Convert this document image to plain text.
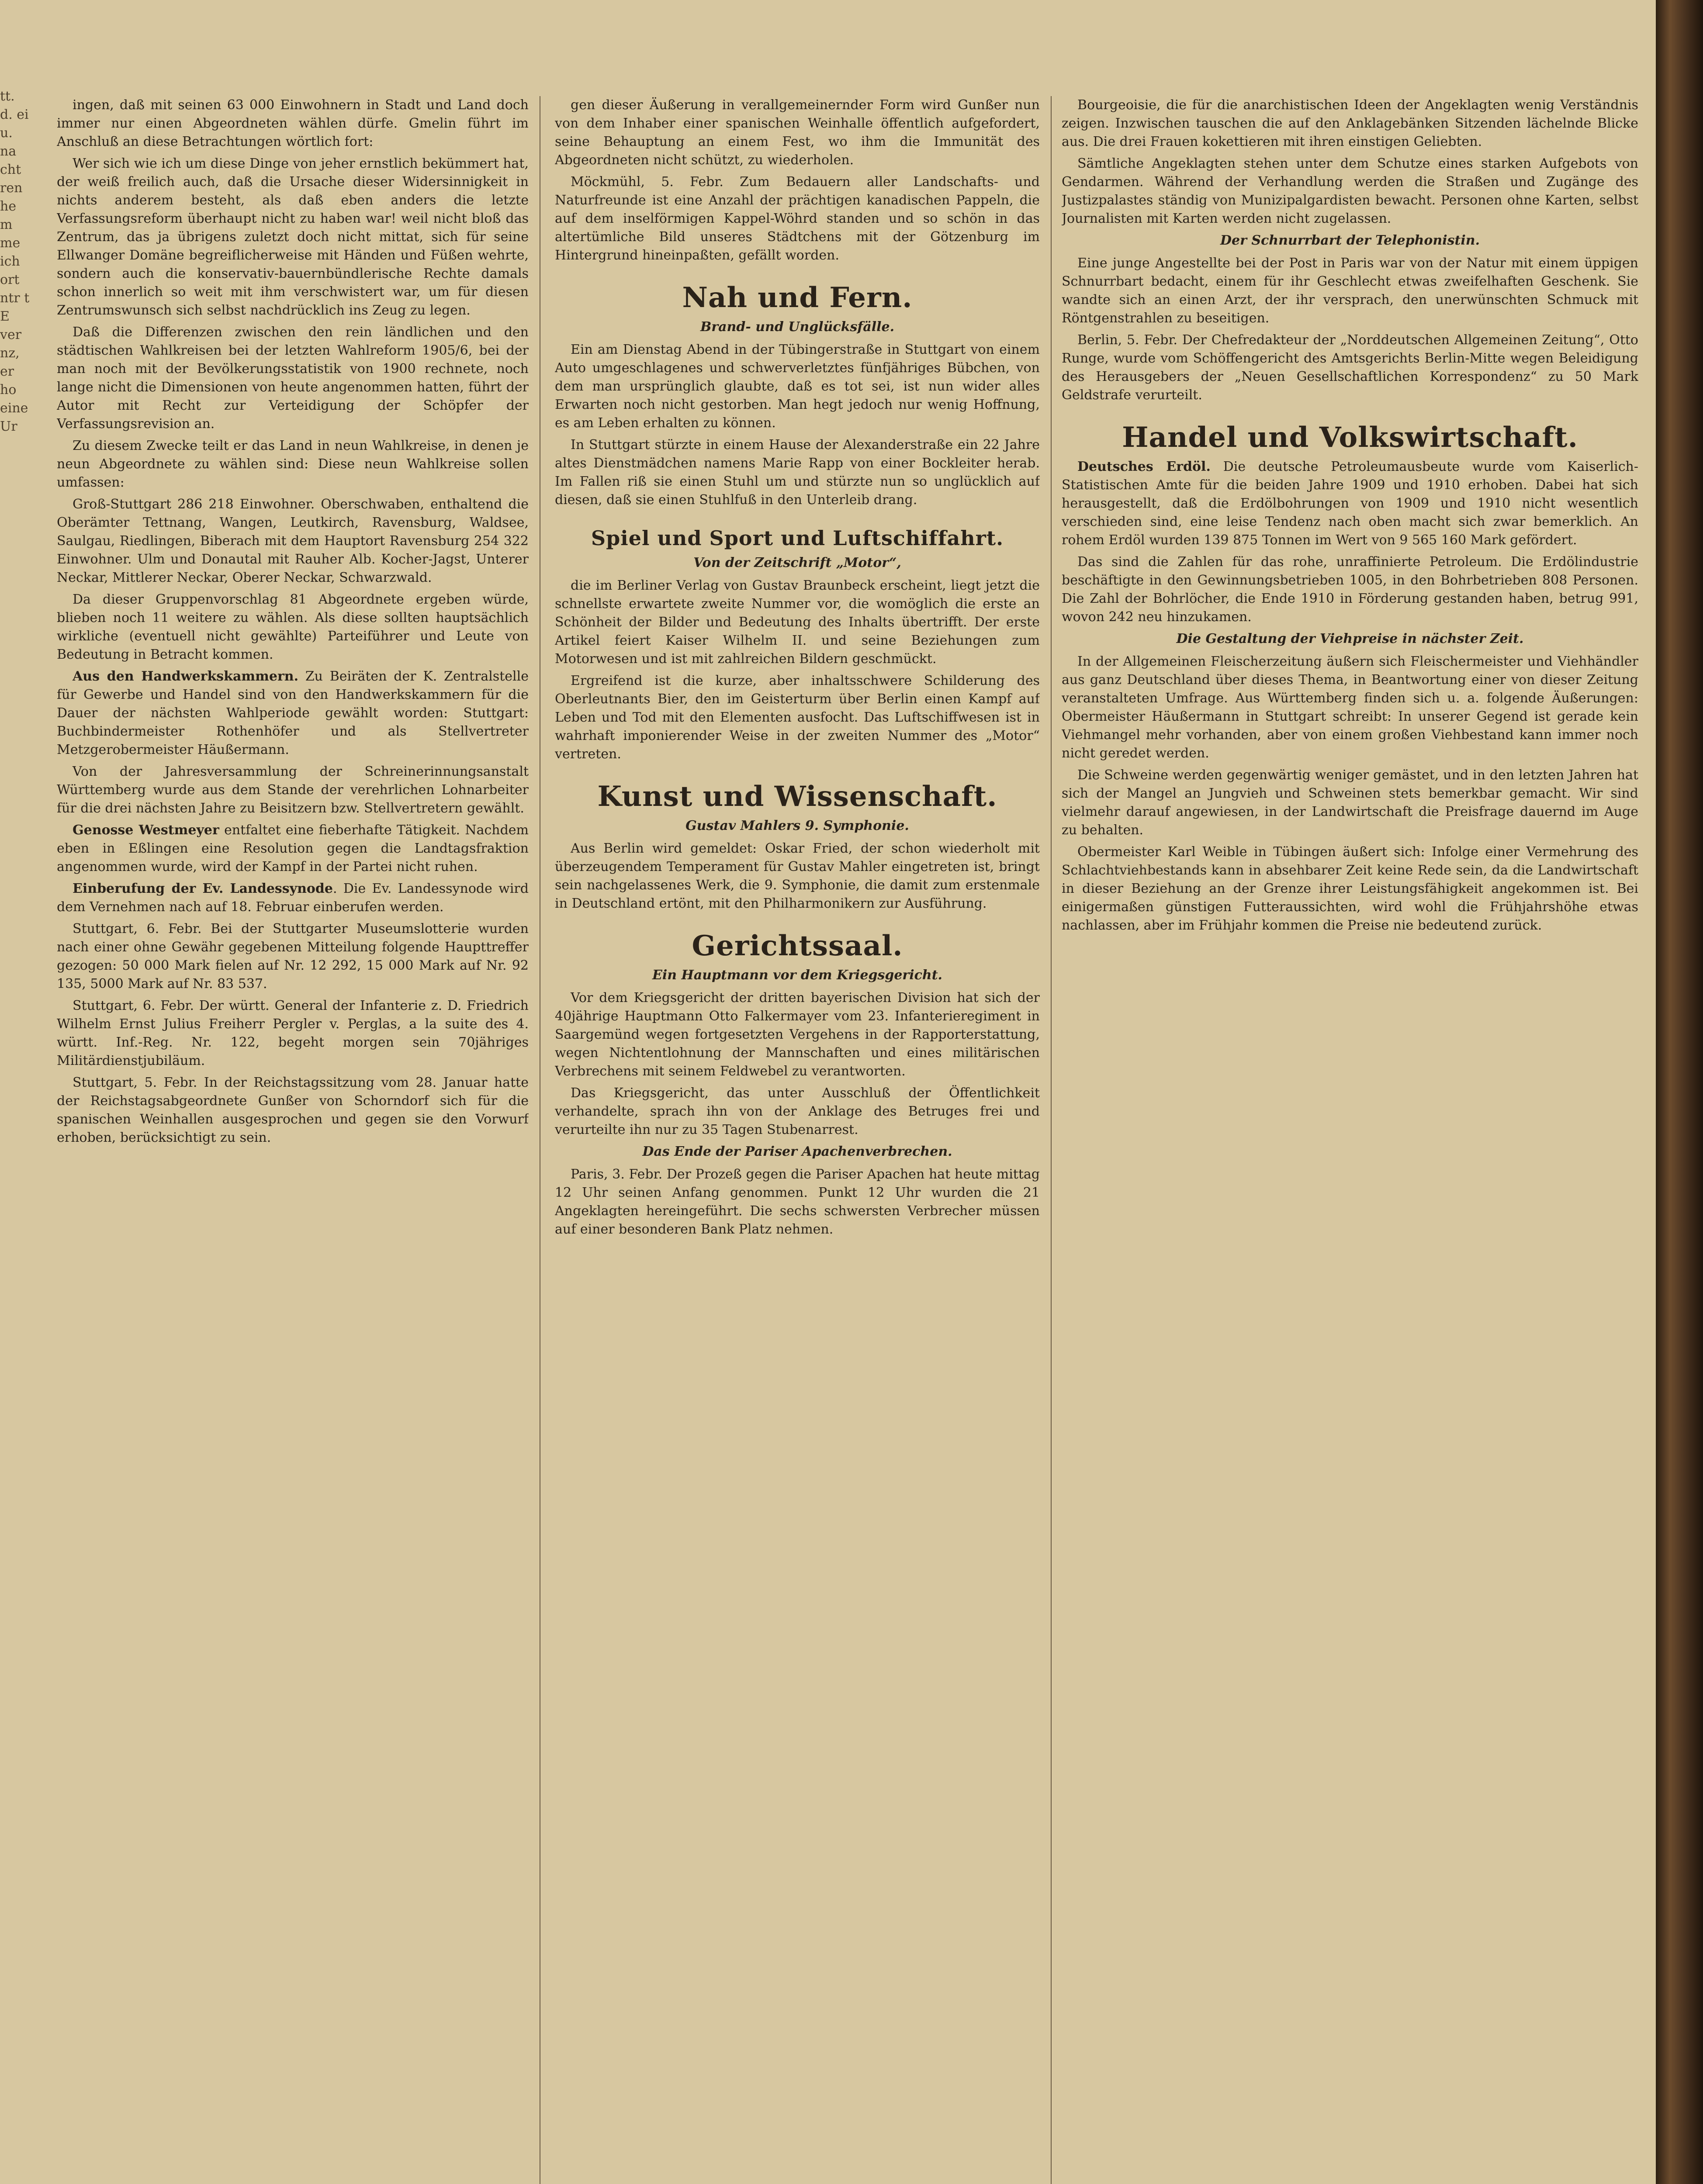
tt. d. ei u. na cht ren he m me ich ort ntr t E ver nz, er ho eine Ur

ingen, daß mit seinen 63 000 Einwohnern in Stadt und Land doch immer nur einen Abgeordneten wählen dürfe. Gmelin führt im Anschluß an diese Betrachtungen wörtlich fort:

Wer sich wie ich um diese Dinge von jeher ernstlich bekümmert hat, der weiß freilich auch, daß die Ursache dieser Widersinnigkeit in nichts anderem besteht, als daß eben anders die letzte Verfassungsreform überhaupt nicht zu haben war! weil nicht bloß das Zentrum, das ja übrigens zuletzt doch nicht mittat, sich für seine Ellwanger Domäne begreiflicherweise mit Händen und Füßen wehrte, sondern auch die konservativ-bauernbündlerische Rechte damals schon innerlich so weit mit ihm verschwistert war, um für diesen Zentrumswunsch sich selbst nachdrücklich ins Zeug zu legen.

Daß die Differenzen zwischen den rein ländlichen und den städtischen Wahlkreisen bei der letzten Wahlreform 1905/6, bei der man noch mit der Bevölkerungsstatistik von 1900 rechnete, noch lange nicht die Dimensionen von heute angenommen hatten, führt der Autor mit Recht zur Verteidigung der Schöpfer der Verfassungsrevision an.

Zu diesem Zwecke teilt er das Land in neun Wahlkreise, in denen je neun Abgeordnete zu wählen sind: Diese neun Wahlkreise sollen umfassen:

Groß-Stuttgart 286 218 Einwohner. Oberschwaben, enthaltend die Oberämter Tettnang, Wangen, Leutkirch, Ravensburg, Waldsee, Saulgau, Riedlingen, Biberach mit dem Hauptort Ravensburg 254 322 Einwohner. Ulm und Donautal mit Rauher Alb. Kocher-Jagst, Unterer Neckar, Mittlerer Neckar, Oberer Neckar, Schwarzwald.

Da dieser Gruppenvorschlag 81 Abgeordnete ergeben würde, blieben noch 11 weitere zu wählen. Als diese sollten hauptsächlich wirkliche (eventuell nicht gewählte) Parteiführer und Leute von Bedeutung in Betracht kommen.

Aus den Handwerkskammern. Zu Beiräten der K. Zentralstelle für Gewerbe und Handel sind von den Handwerkskammern für die Dauer der nächsten Wahlperiode gewählt worden: Stuttgart: Buchbindermeister Rothenhöfer und als Stellvertreter Metzgerobermeister Häußermann.

Von der Jahresversammlung der Schreinerinnungsanstalt Württemberg wurde aus dem Stande der verehrlichen Lohnarbeiter für die drei nächsten Jahre zu Beisitzern bzw. Stellvertretern gewählt.

Genosse Westmeyer entfaltet eine fieberhafte Tätigkeit. Nachdem eben in Eßlingen eine Resolution gegen die Landtagsfraktion angenommen wurde, wird der Kampf in der Partei nicht ruhen.

Einberufung der Ev. Landessynode. Die Ev. Landessynode wird dem Vernehmen nach auf 18. Februar einberufen werden.

Stuttgart, 6. Febr. Bei der Stuttgarter Museumslotterie wurden nach einer ohne Gewähr gegebenen Mitteilung folgende Haupttreffer gezogen: 50 000 Mark fielen auf Nr. 12 292, 15 000 Mark auf Nr. 92 135, 5000 Mark auf Nr. 83 537.

Stuttgart, 6. Febr. Der württ. General der Infanterie z. D. Friedrich Wilhelm Ernst Julius Freiherr Pergler v. Perglas, a la suite des 4. württ. Inf.-Reg. Nr. 122, begeht morgen sein 70jähriges Militärdienstjubiläum.

Stuttgart, 5. Febr. In der Reichstagssitzung vom 28. Januar hatte der Reichstagsabgeordnete Gunßer von Schorndorf sich für die spanischen Weinhallen ausgesprochen und gegen sie den Vorwurf erhoben, berücksichtigt zu sein.

gen dieser Äußerung in verallgemeinernder Form wird Gunßer nun von dem Inhaber einer spanischen Weinhalle öffentlich aufgefordert, seine Behauptung an einem Fest, wo ihm die Immunität des Abgeordneten nicht schützt, zu wiederholen.

Möckmühl, 5. Febr. Zum Bedauern aller Landschafts- und Naturfreunde ist eine Anzahl der prächtigen kanadischen Pappeln, die auf dem inselförmigen Kappel-Wöhrd standen und so schön in das altertümliche Bild unseres Städtchens mit der Götzenburg im Hintergrund hineinpaßten, gefällt worden.

Nah und Fern.
Brand- und Unglücksfälle.

Ein am Dienstag Abend in der Tübingerstraße in Stuttgart von einem Auto umgeschlagenes und schwerverletztes fünfjähriges Bübchen, von dem man ursprünglich glaubte, daß es tot sei, ist nun wider alles Erwarten noch nicht gestorben. Man hegt jedoch nur wenig Hoffnung, es am Leben erhalten zu können.

In Stuttgart stürzte in einem Hause der Alexanderstraße ein 22 Jahre altes Dienstmädchen namens Marie Rapp von einer Bockleiter herab. Im Fallen riß sie einen Stuhl um und stürzte nun so unglücklich auf diesen, daß sie einen Stuhlfuß in den Unterleib drang.

Spiel und Sport und Luftschiffahrt.
Von der Zeitschrift „Motor“,

die im Berliner Verlag von Gustav Braunbeck erscheint, liegt jetzt die schnellste erwartete zweite Nummer vor, die womöglich die erste an Schönheit der Bilder und Bedeutung des Inhalts übertrifft. Der erste Artikel feiert Kaiser Wilhelm II. und seine Beziehungen zum Motorwesen und ist mit zahlreichen Bildern geschmückt.

Ergreifend ist die kurze, aber inhaltsschwere Schilderung des Oberleutnants Bier, den im Geisterturm über Berlin einen Kampf auf Leben und Tod mit den Elementen ausfocht. Das Luftschiffwesen ist in wahrhaft imponierender Weise in der zweiten Nummer des „Motor“ vertreten.

Kunst und Wissenschaft.
Gustav Mahlers 9. Symphonie.

Aus Berlin wird gemeldet: Oskar Fried, der schon wiederholt mit überzeugendem Temperament für Gustav Mahler eingetreten ist, bringt sein nachgelassenes Werk, die 9. Symphonie, die damit zum erstenmale in Deutschland ertönt, mit den Philharmonikern zur Ausführung.

Gerichtssaal.
Ein Hauptmann vor dem Kriegsgericht.

Vor dem Kriegsgericht der dritten bayerischen Division hat sich der 40jährige Hauptmann Otto Falkermayer vom 23. Infanterieregiment in Saargemünd wegen fortgesetzten Vergehens in der Rapporterstattung, wegen Nichtentlohnung der Mannschaften und eines militärischen Verbrechens mit seinem Feldwebel zu verantworten.

Das Kriegsgericht, das unter Ausschluß der Öffentlichkeit verhandelte, sprach ihn von der Anklage des Betruges frei und verurteilte ihn nur zu 35 Tagen Stubenarrest.

Das Ende der Pariser Apachenverbrechen.

Paris, 3. Febr. Der Prozeß gegen die Pariser Apachen hat heute mittag 12 Uhr seinen Anfang genommen. Punkt 12 Uhr wurden die 21 Angeklagten hereingeführt. Die sechs schwersten Verbrecher müssen auf einer besonderen Bank Platz nehmen.

Bourgeoisie, die für die anarchistischen Ideen der Angeklagten wenig Verständnis zeigen. Inzwischen tauschen die auf den Anklagebänken Sitzenden lächelnde Blicke aus. Die drei Frauen kokettieren mit ihren einstigen Geliebten.

Sämtliche Angeklagten stehen unter dem Schutze eines starken Aufgebots von Gendarmen. Während der Verhandlung werden die Straßen und Zugänge des Justizpalastes ständig von Munizipalgardisten bewacht. Personen ohne Karten, selbst Journalisten mit Karten werden nicht zugelassen.

Der Schnurrbart der Telephonistin.

Eine junge Angestellte bei der Post in Paris war von der Natur mit einem üppigen Schnurrbart bedacht, einem für ihr Geschlecht etwas zweifelhaften Geschenk. Sie wandte sich an einen Arzt, der ihr versprach, den unerwünschten Schmuck mit Röntgenstrahlen zu beseitigen.

Berlin, 5. Febr. Der Chefredakteur der „Norddeutschen Allgemeinen Zeitung“, Otto Runge, wurde vom Schöffengericht des Amtsgerichts Berlin-Mitte wegen Beleidigung des Herausgebers der „Neuen Gesellschaftlichen Korrespondenz“ zu 50 Mark Geldstrafe verurteilt.

Handel und Volkswirtschaft.

Deutsches Erdöl. Die deutsche Petroleumausbeute wurde vom Kaiserlich-Statistischen Amte für die beiden Jahre 1909 und 1910 erhoben. Dabei hat sich herausgestellt, daß die Erdölbohrungen von 1909 und 1910 nicht wesentlich verschieden sind, eine leise Tendenz nach oben macht sich zwar bemerklich. An rohem Erdöl wurden 139 875 Tonnen im Wert von 9 565 160 Mark gefördert.

Das sind die Zahlen für das rohe, unraffinierte Petroleum. Die Erdölindustrie beschäftigte in den Gewinnungsbetrieben 1005, in den Bohrbetrieben 808 Personen. Die Zahl der Bohrlöcher, die Ende 1910 in Förderung gestanden haben, betrug 991, wovon 242 neu hinzukamen.

Die Gestaltung der Viehpreise in nächster Zeit.

In der Allgemeinen Fleischerzeitung äußern sich Fleischermeister und Viehhändler aus ganz Deutschland über dieses Thema, in Beantwortung einer von dieser Zeitung veranstalteten Umfrage. Aus Württemberg finden sich u. a. folgende Äußerungen: Obermeister Häußermann in Stuttgart schreibt: In unserer Gegend ist gerade kein Viehmangel mehr vorhanden, aber von einem großen Viehbestand kann immer noch nicht geredet werden.

Die Schweine werden gegenwärtig weniger gemästet, und in den letzten Jahren hat sich der Mangel an Jungvieh und Schweinen stets bemerkbar gemacht. Wir sind vielmehr darauf angewiesen, in der Landwirtschaft die Preisfrage dauernd im Auge zu behalten.

Obermeister Karl Weible in Tübingen äußert sich: Infolge einer Vermehrung des Schlachtviehbestands kann in absehbarer Zeit keine Rede sein, da die Landwirtschaft in dieser Beziehung an der Grenze ihrer Leistungsfähigkeit angekommen ist. Bei einigermaßen günstigen Futteraussichten, wird wohl die Frühjahrshöhe etwas nachlassen, aber im Frühjahr kommen die Preise nie bedeutend zurück.
